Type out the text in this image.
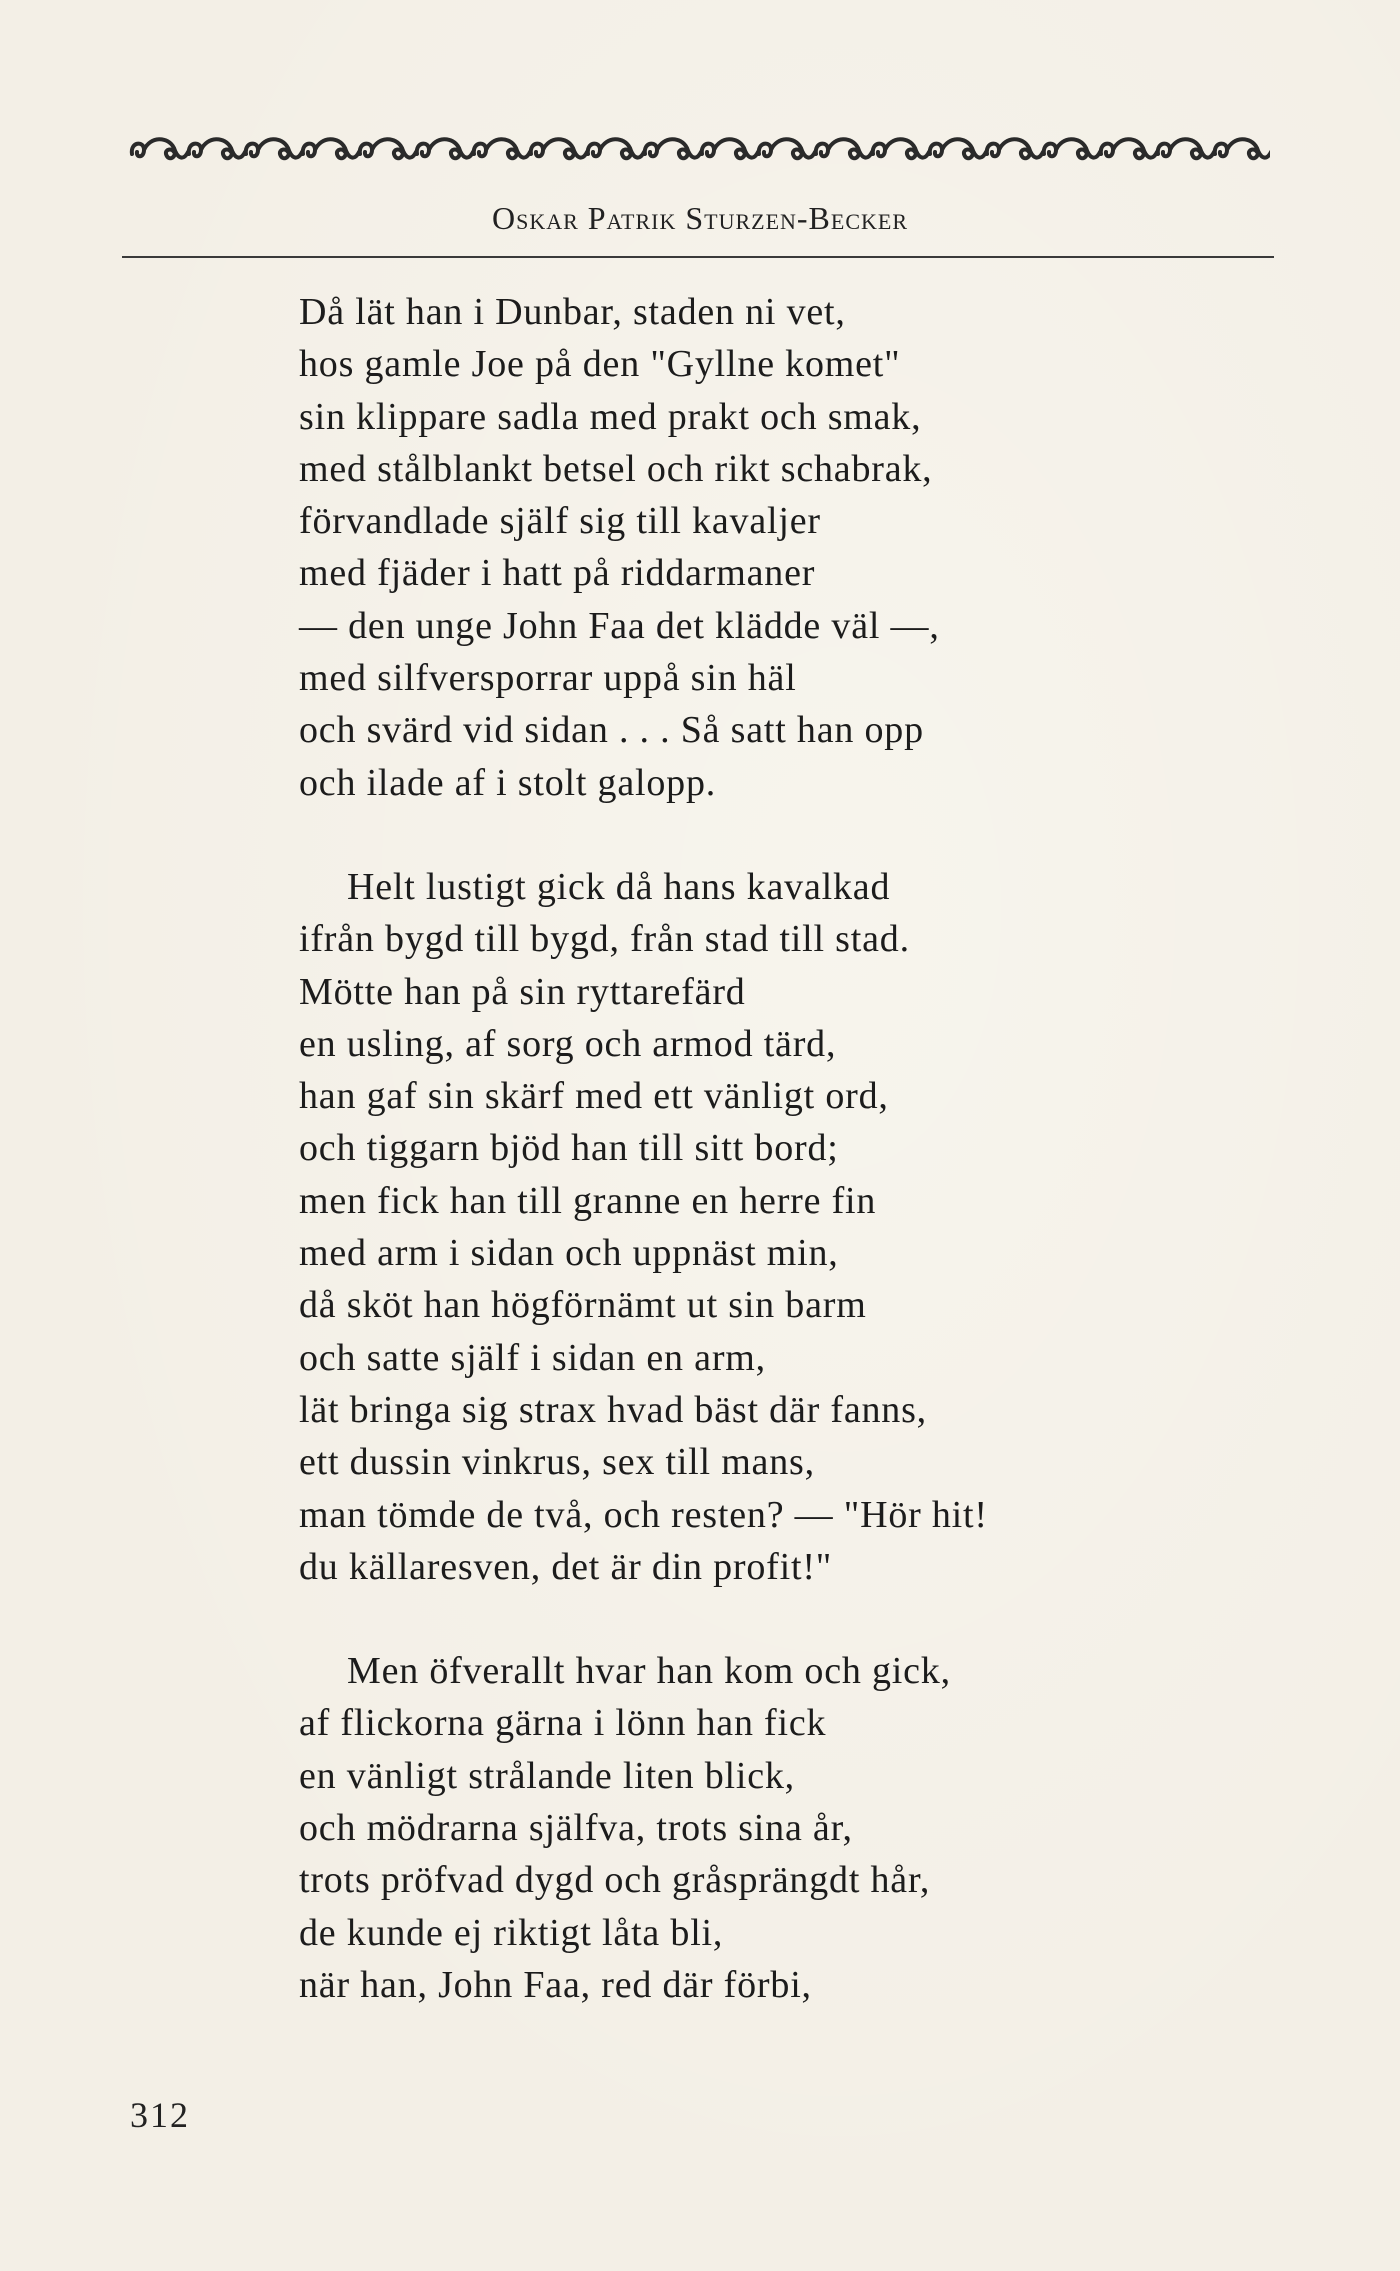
Oskar Patrik Sturzen-Becker

Då lät han i Dunbar, staden ni vet,
hos gamle Joe på den "Gyllne komet"
sin klippare sadla med prakt och smak,
med stålblankt betsel och rikt schabrak,
förvandlade själf sig till kavaljer
med fjäder i hatt på riddarmaner
— den unge John Faa det klädde väl —,
med silfversporrar uppå sin häl
och svärd vid sidan . . . Så satt han opp
och ilade af i stolt galopp.

Helt lustigt gick då hans kavalkad
ifrån bygd till bygd, från stad till stad.
Mötte han på sin ryttarefärd
en usling, af sorg och armod tärd,
han gaf sin skärf med ett vänligt ord,
och tiggarn bjöd han till sitt bord;
men fick han till granne en herre fin
med arm i sidan och uppnäst min,
då sköt han högförnämt ut sin barm
och satte själf i sidan en arm,
lät bringa sig strax hvad bäst där fanns,
ett dussin vinkrus, sex till mans,
man tömde de två, och resten? — "Hör hit!
du källaresven, det är din profit!"

Men öfverallt hvar han kom och gick,
af flickorna gärna i lönn han fick
en vänligt strålande liten blick,
och mödrarna själfva, trots sina år,
trots pröfvad dygd och gråsprängdt hår,
de kunde ej riktigt låta bli,
när han, John Faa, red där förbi,

312
